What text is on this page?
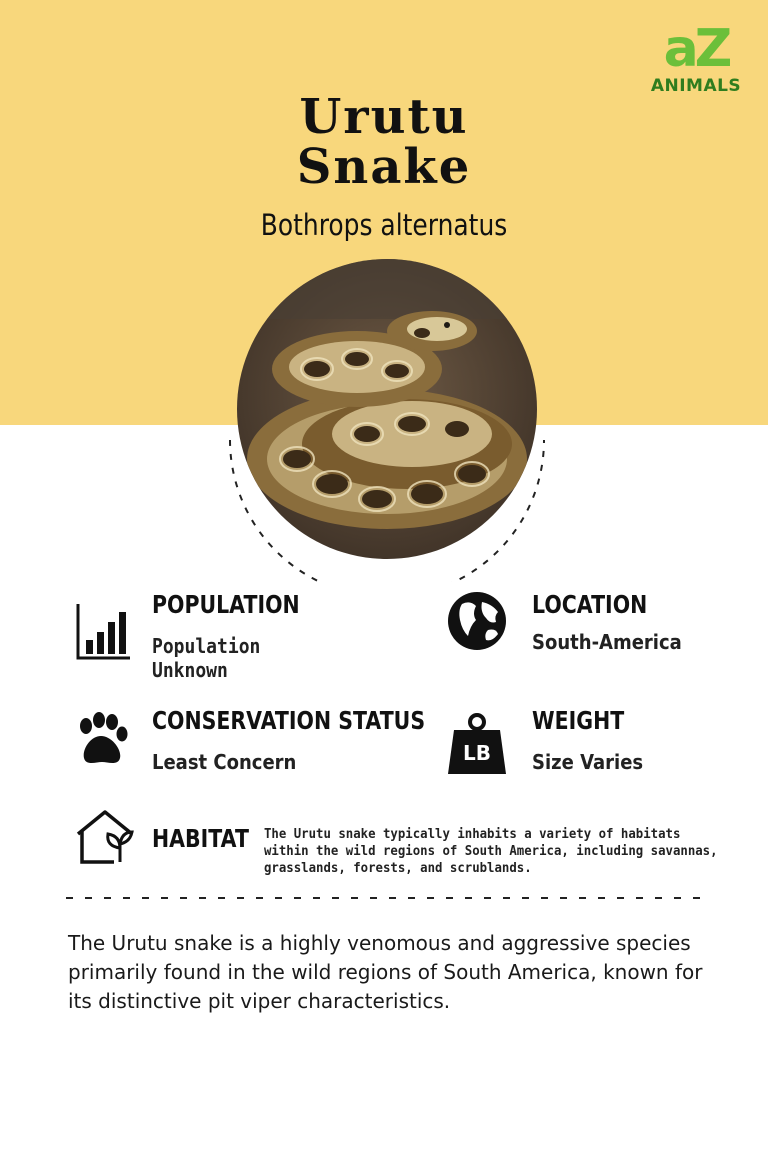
aZ
ANIMALS
Urutu
Snake
Bothrops alternatus
POPULATION
Population Unknown
LOCATION
South-America
CONSERVATION STATUS
Least Concern	LB
WEIGHT
Size Varies
HABITAT The Urutu snake typically inhabits a variety of habitats within the wild regions of South America, including savannas, grasslands, forests, and scrublands.
The Urutu snake is a highly venomous and aggressive species primarily found in the wild regions of South America, known for its distinctive pit viper characteristics.
